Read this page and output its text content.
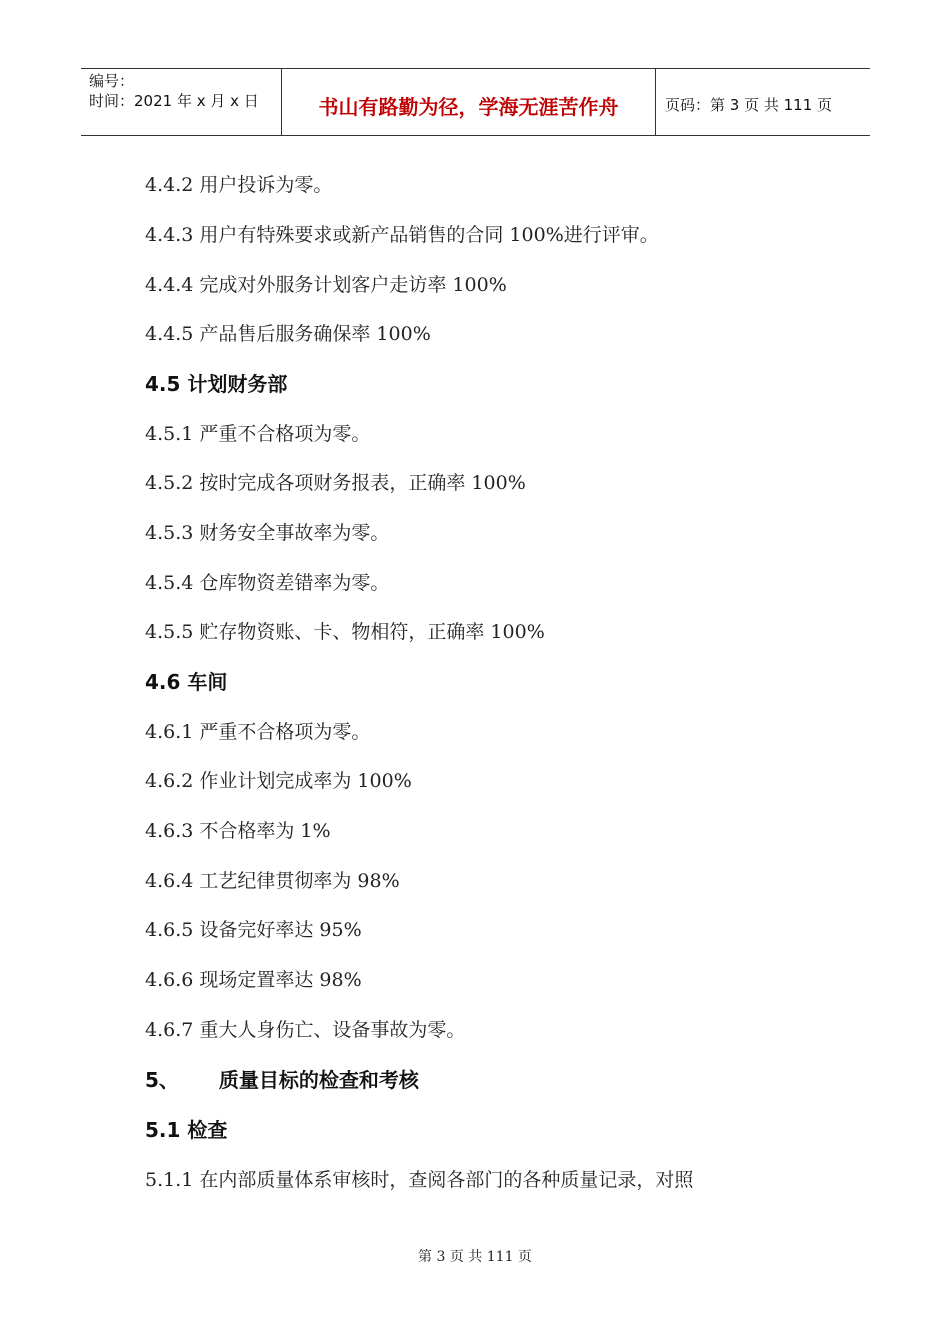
编号：
时间：2021 年 x 月 x 日	书山有路勤为径，学海无涯苦作舟	页码：第 3 页 共 111 页
4.4.2 用户投诉为零。
4.4.3 用户有特殊要求或新产品销售的合同 100%进行评审。
4.4.4 完成对外服务计划客户走访率 100%
4.4.5 产品售后服务确保率 100%
4.5 计划财务部
4.5.1 严重不合格项为零。
4.5.2 按时完成各项财务报表，正确率 100%
4.5.3 财务安全事故率为零。
4.5.4 仓库物资差错率为零。
4.5.5 贮存物资账、卡、物相符，正确率 100%
4.6 车间
4.6.1 严重不合格项为零。
4.6.2 作业计划完成率为 100%
4.6.3 不合格率为 1%
4.6.4 工艺纪律贯彻率为 98%
4.6.5 设备完好率达 95%
4.6.6 现场定置率达 98%
4.6.7 重大人身伤亡、设备事故为零。
5、 质量目标的检查和考核
5.1 检查
5.1.1 在内部质量体系审核时，查阅各部门的各种质量记录，对照
第 3 页 共 111 页
